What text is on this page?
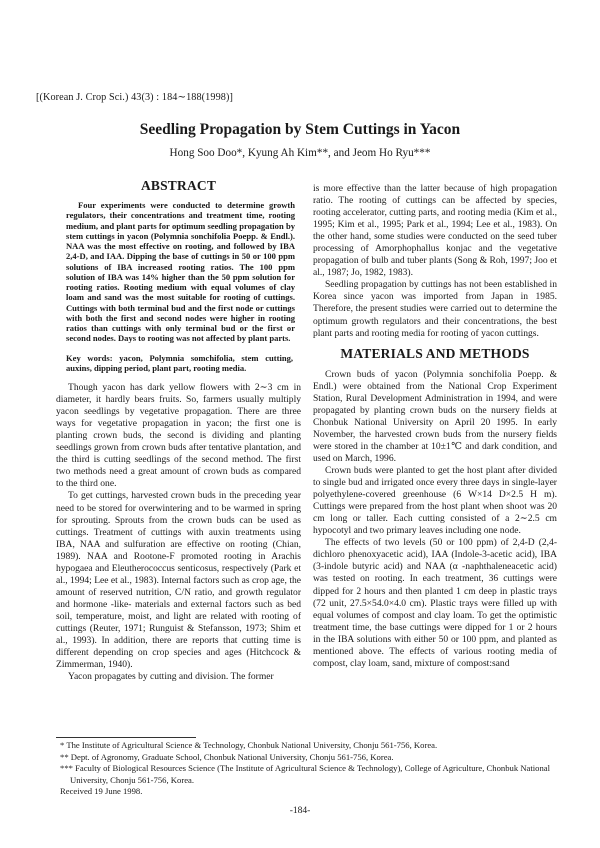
[(Korean J. Crop Sci.) 43(3) : 184∼188(1998)]
Seedling Propagation by Stem Cuttings in Yacon
Hong Soo Doo*, Kyung Ah Kim**, and Jeom Ho Ryu***
ABSTRACT

Four experiments were conducted to determine growth regulators, their concentrations and treatment time, rooting medium, and plant parts for optimum seedling propagation by stem cuttings in yacon (Polymnia sonchifolia Poepp. & Endl.). NAA was the most effective on rooting, and followed by IBA 2,4-D, and IAA. Dipping the base of cuttings in 50 or 100 ppm solutions of IBA increased rooting ratios. The 100 ppm solution of IBA was 14% higher than the 50 ppm solution for rooting ratios. Rooting medium with equal volumes of clay loam and sand was the most suitable for rooting of cuttings. Cuttings with both terminal bud and the first node or cuttings with both the first and second nodes were higher in rooting ratios than cuttings with only terminal bud or the first or second nodes. Days to rooting was not affected by plant parts.

Key words: yacon, Polymnia somchifolia, stem cutting, auxins, dipping period, plant part, rooting media.

Though yacon has dark yellow flowers with 2∼3 cm in diameter, it hardly bears fruits. So, farmers usually multiply yacon seedlings by vegetative propagation. There are three ways for vegetative propagation in yacon; the first one is planting crown buds, the second is dividing and planting seedlings grown from crown buds after tentative plantation, and the third is cutting seedlings of the second method. The first two methods need a great amount of crown buds as compared to the third one.

To get cuttings, harvested crown buds in the preceding year need to be stored for overwintering and to be warmed in spring for sprouting. Sprouts from the crown buds can be used as cuttings. Treatment of cuttings with auxin treatments using IBA, NAA and sulfuration are effective on rooting (Chian, 1989). NAA and Rootone-F promoted rooting in Arachis hypogaea and Eleutherococcus senticosus, respectively (Park et al., 1994; Lee et al., 1983). Internal factors such as crop age, the amount of reserved nutrition, C/N ratio, and growth regulator and hormone -like- materials and external factors such as bed soil, temperature, moist, and light are related with rooting of cuttings (Reuter, 1971; Runguist & Stefansson, 1973; Shim et al., 1993). In addition, there are reports that cutting time is different depending on crop species and ages (Hitchcock & Zimmerman, 1940).

Yacon propagates by cutting and division. The former

is more effective than the latter because of high propagation ratio. The rooting of cuttings can be affected by species, rooting accelerator, cutting parts, and rooting media (Kim et al., 1995; Kim et al., 1995; Park et al., 1994; Lee et al., 1983). On the other hand, some studies were conducted on the seed tuber processing of Amorphophallus konjac and the vegetative propagation of bulb and tuber plants (Song & Roh, 1997; Joo et al., 1987; Jo, 1982, 1983).

Seedling propagation by cuttings has not been established in Korea since yacon was imported from Japan in 1985. Therefore, the present studies were carried out to determine the optimum growth regulators and their concentrations, the best plant parts and rooting media for rooting of yacon cuttings.

MATERIALS AND METHODS

Crown buds of yacon (Polymnia sonchifolia Poepp. & Endl.) were obtained from the National Crop Experiment Station, Rural Development Administration in 1994, and were propagated by planting crown buds on the nursery fields at Chonbuk National University on April 20 1995. In early November, the harvested crown buds from the nursery fields were stored in the chamber at 10±1℃ and dark condition, and used on March, 1996.

Crown buds were planted to get the host plant after divided to single bud and irrigated once every three days in single-layer polyethylene-covered greenhouse (6 W×14 D×2.5 H m). Cuttings were prepared from the host plant when shoot was 20 cm long or taller. Each cutting consisted of a 2∼2.5 cm hypocotyl and two primary leaves including one node.

The effects of two levels (50 or 100 ppm) of 2,4-D (2,4-dichloro phenoxyacetic acid), IAA (Indole-3-acetic acid), IBA (3-indole butyric acid) and NAA (α -naphthaleneacetic acid) was tested on rooting. In each treatment, 36 cuttings were dipped for 2 hours and then planted 1 cm deep in plastic trays (72 unit, 27.5×54.0×4.0 cm). Plastic trays were filled up with equal volumes of compost and clay loam. To get the optimistic treatment time, the base cuttings were dipped for 1 or 2 hours in the IBA solutions with either 50 or 100 ppm, and planted as mentioned above. The effects of various rooting media of compost, clay loam, sand, mixture of compost:sand

* The Institute of Agricultural Science & Technology, Chonbuk National University, Chonju 561-756, Korea.
** Dept. of Agronomy, Graduate School, Chonbuk National University, Chonju 561-756, Korea.
*** Faculty of Biological Resources Science (The Institute of Agricultural Science & Technology), College of Agriculture, Chonbuk National University, Chonju 561-756, Korea.
Received 19 June 1998.
-184-
